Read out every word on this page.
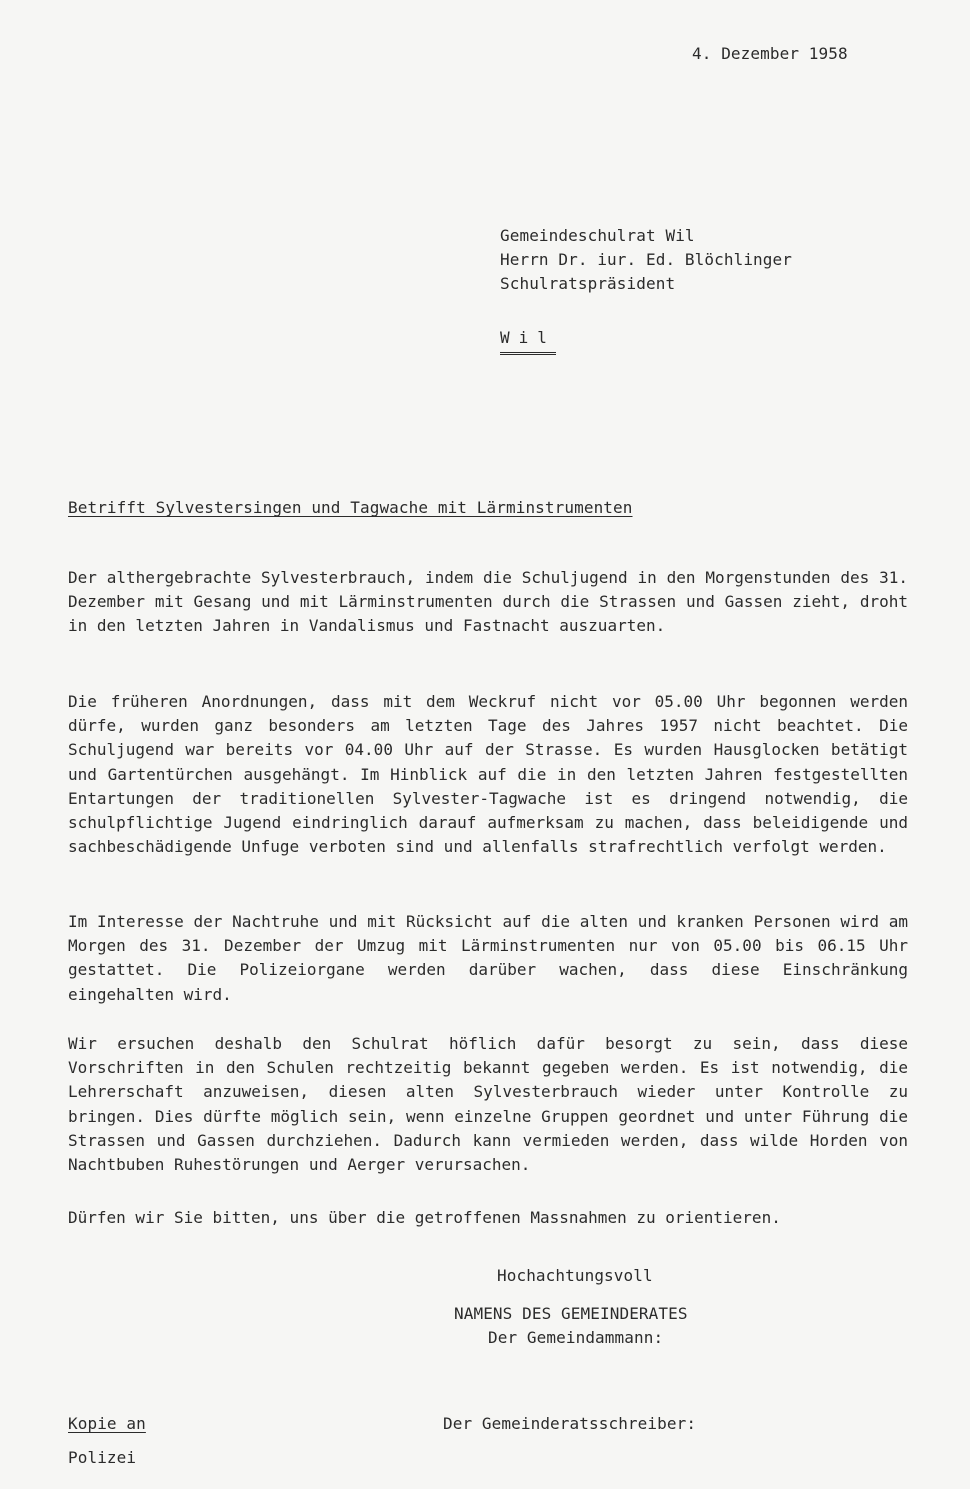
4. Dezember 1958
Gemeindeschulrat Wil
Herrn Dr. iur. Ed. Blöchlinger
Schulratspräsident
Wil
Betrifft Sylvestersingen und Tagwache mit Lärminstrumenten
Der althergebrachte Sylvesterbrauch, indem die Schuljugend in den Morgenstunden des 31. Dezember mit Gesang und mit Lärminstrumenten durch die Strassen und Gassen zieht, droht in den letzten Jahren in Vandalismus und Fastnacht auszuarten.
Die früheren Anordnungen, dass mit dem Weckruf nicht vor 05.00 Uhr begonnen werden dürfe, wurden ganz besonders am letzten Tage des Jahres 1957 nicht beachtet. Die Schuljugend war bereits vor 04.00 Uhr auf der Strasse. Es wurden Hausglocken betätigt und Gartentürchen ausgehängt. Im Hinblick auf die in den letzten Jahren festgestellten Entartungen der traditionellen Sylvester-Tagwache ist es dringend notwendig, die schulpflichtige Jugend eindringlich darauf aufmerksam zu machen, dass beleidigende und sachbeschädigende Unfuge verboten sind und allenfalls strafrechtlich verfolgt werden.
Im Interesse der Nachtruhe und mit Rücksicht auf die alten und kranken Personen wird am Morgen des 31. Dezember der Umzug mit Lärminstrumenten nur von 05.00 bis 06.15 Uhr gestattet. Die Polizeiorgane werden darüber wachen, dass diese Einschränkung eingehalten wird.
Wir ersuchen deshalb den Schulrat höflich dafür besorgt zu sein, dass diese Vorschriften in den Schulen rechtzeitig bekannt gegeben werden. Es ist notwendig, die Lehrerschaft anzuweisen, diesen alten Sylvesterbrauch wieder unter Kontrolle zu bringen. Dies dürfte möglich sein, wenn einzelne Gruppen geordnet und unter Führung die Strassen und Gassen durchziehen. Dadurch kann vermieden werden, dass wilde Horden von Nachtbuben Ruhestörungen und Aerger verursachen.
Dürfen wir Sie bitten, uns über die getroffenen Massnahmen zu orientieren.
Hochachtungsvoll
NAMENS DES GEMEINDERATES
Der Gemeindammann:
Kopie an	Der Gemeinderatsschreiber:
Polizei
